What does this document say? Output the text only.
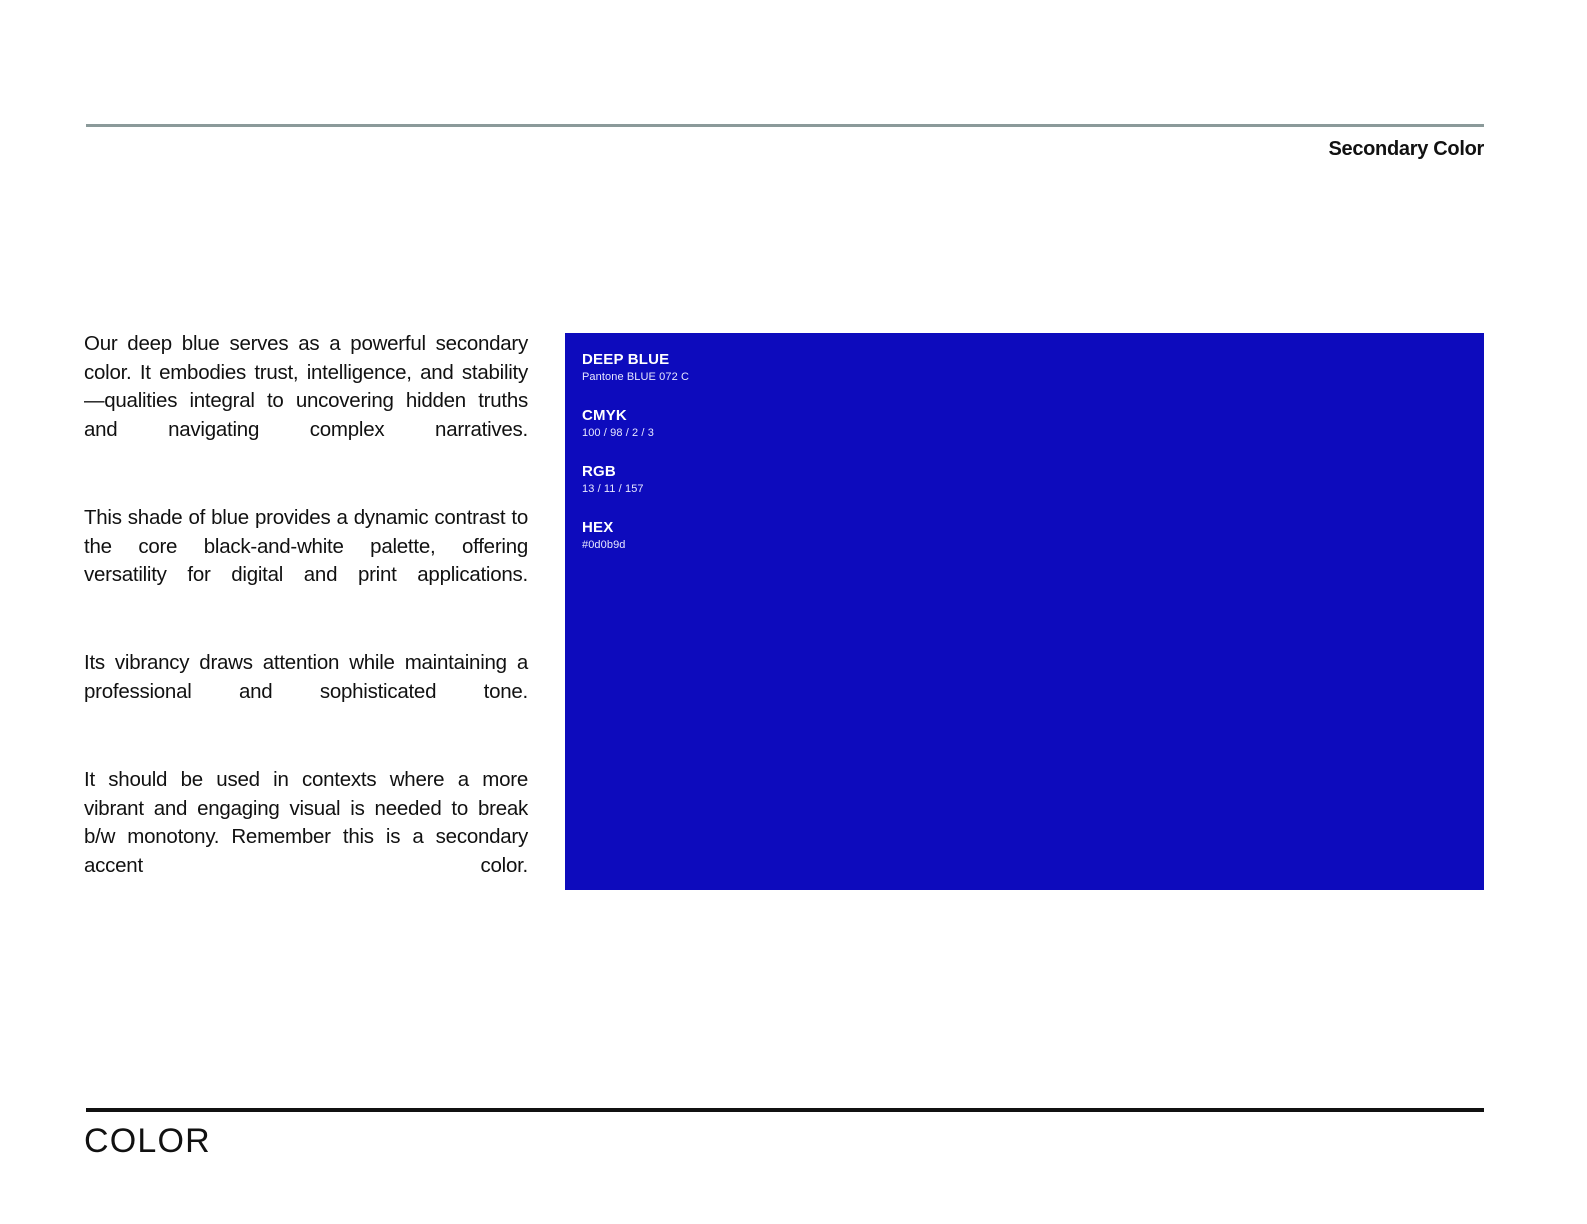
Secondary Color

Our deep blue serves as a powerful secondary color. It embodies trust, intelligence, and stability—qualities integral to uncovering hidden truths and navigating complex narratives.

This shade of blue provides a dynamic contrast to the core black-and-white palette, offering versatility for digital and print applications.

Its vibrancy draws attention while maintaining a professional and sophisticated tone.

It should be used in contexts where a more vibrant and engaging visual is needed to break b/w monotony. Remember this is a secondary accent color.

DEEP BLUE
Pantone BLUE 072 C
CMYK
100 / 98 / 2 / 3
RGB
13 / 11 / 157
HEX
#0d0b9d
COLOR
